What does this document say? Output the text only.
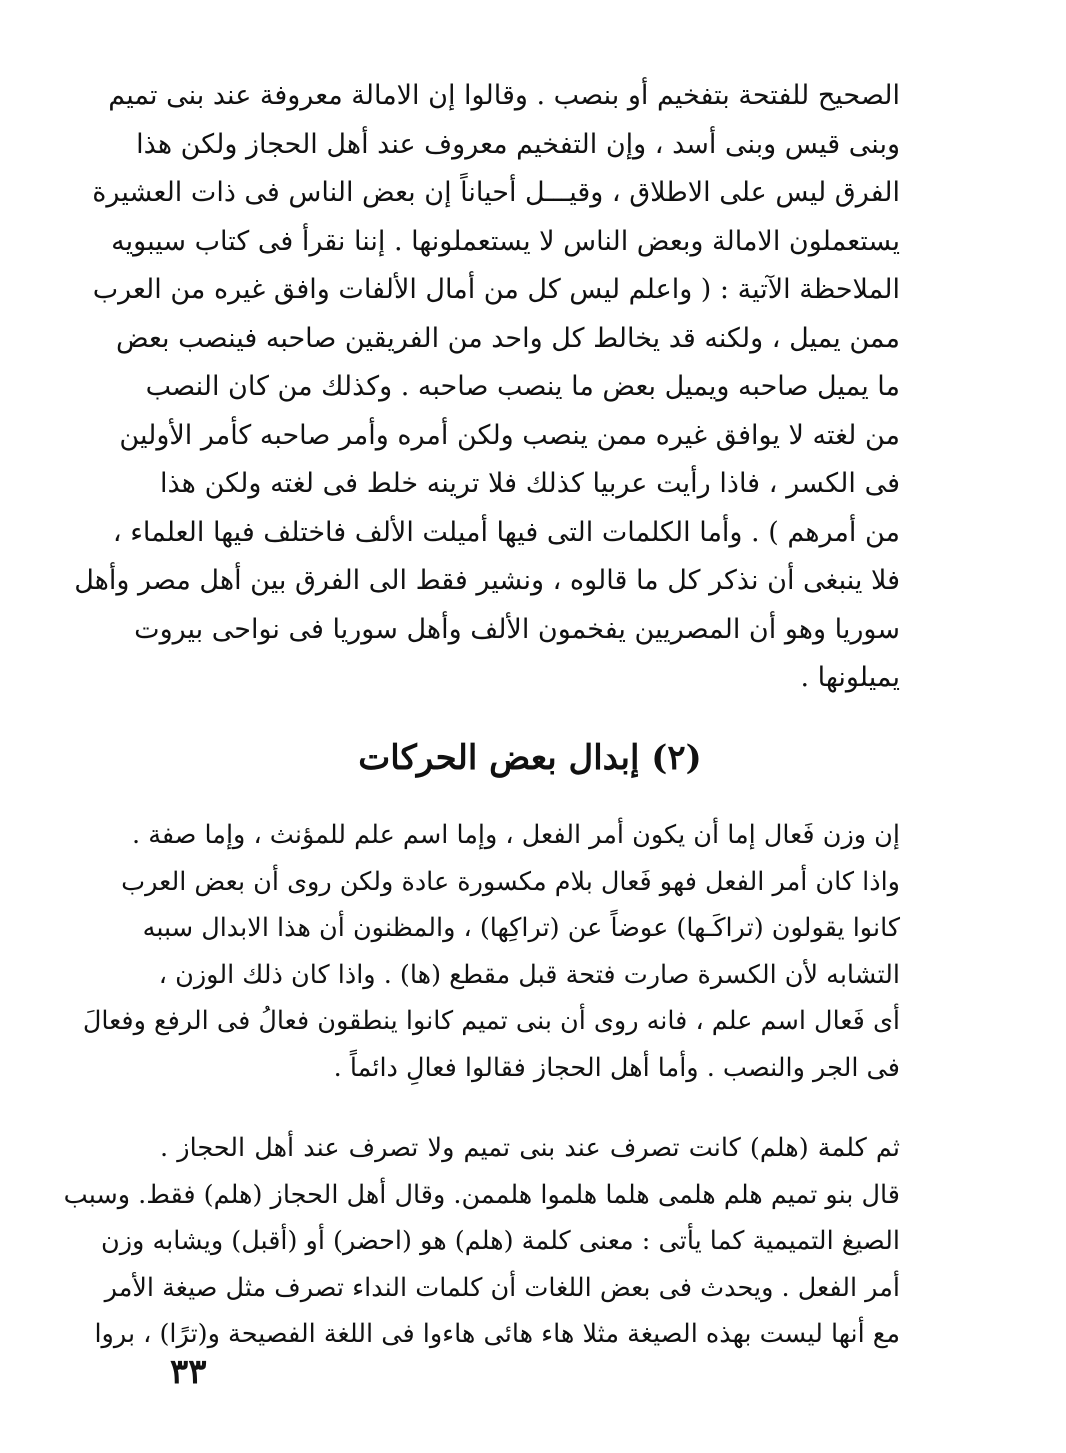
الصحيح للفتحة بتفخيم أو بنصب . وقالوا إن الامالة معروفة عند بنى تميم
وبنى قيس وبنى أسد ، وإن التفخيم معروف عند أهل الحجاز ولكن هذا
الفرق ليس على الاطلاق ، وقيـــل أحياناً إن بعض الناس فى ذات العشيرة
يستعملون الامالة وبعض الناس لا يستعملونها . إننا نقرأ فى كتاب سيبويه
الملاحظة الآتية : ( واعلم ليس كل من أمال الألفات وافق غيره من العرب
ممن يميل ، ولكنه قد يخالط كل واحد من الفريقين صاحبه فينصب بعض
ما يميل صاحبه ويميل بعض ما ينصب صاحبه . وكذلك من كان النصب
من لغته لا يوافق غيره ممن ينصب ولكن أمره وأمر صاحبه كأمر الأولين
فى الكسر ، فاذا رأيت عربيا كذلك فلا ترينه خلط فى لغته ولكن هذا
من أمرهم ) . وأما الكلمات التى فيها أميلت الألف فاختلف فيها العلماء ،
فلا ينبغى أن نذكر كل ما قالوه ، ونشير فقط الى الفرق بين أهل مصر وأهل
سوريا وهو أن المصريين يفخمون الألف وأهل سوريا فى نواحى بيروت
يميلونها .
(٢) إبدال بعض الحركات
إن وزن فَعال إما أن يكون أمر الفعل ، وإما اسم علم للمؤنث ، وإما صفة .
واذا كان أمر الفعل فهو فَعال بلام مكسورة عادة ولكن روى أن بعض العرب
كانوا يقولون (تراكَـها) عوضاً عن (تراكِها) ، والمظنون أن هذا الابدال سببه
التشابه لأن الكسرة صارت فتحة قبل مقطع (ها) . واذا كان ذلك الوزن ،
أى فَعال اسم علم ، فانه روى أن بنى تميم كانوا ينطقون فعالُ فى الرفع وفعالَ
فى الجر والنصب . وأما أهل الحجاز فقالوا فعالِ دائماً .
ثم كلمة (هلم) كانت تصرف عند بنى تميم ولا تصرف عند أهل الحجاز .
قال بنو تميم هلم هلمى هلما هلموا هلممن. وقال أهل الحجاز (هلم) فقط. وسبب
الصيغ التميمية كما يأتى : معنى كلمة (هلم) هو (احضر) أو (أقبل) ويشابه وزن
أمر الفعل . ويحدث فى بعض اللغات أن كلمات النداء تصرف مثل صيغة الأمر
مع أنها ليست بهذه الصيغة مثلا هاء هائى هاءوا فى اللغة الفصيحة و(ترًا) ، بروا
٣٣
